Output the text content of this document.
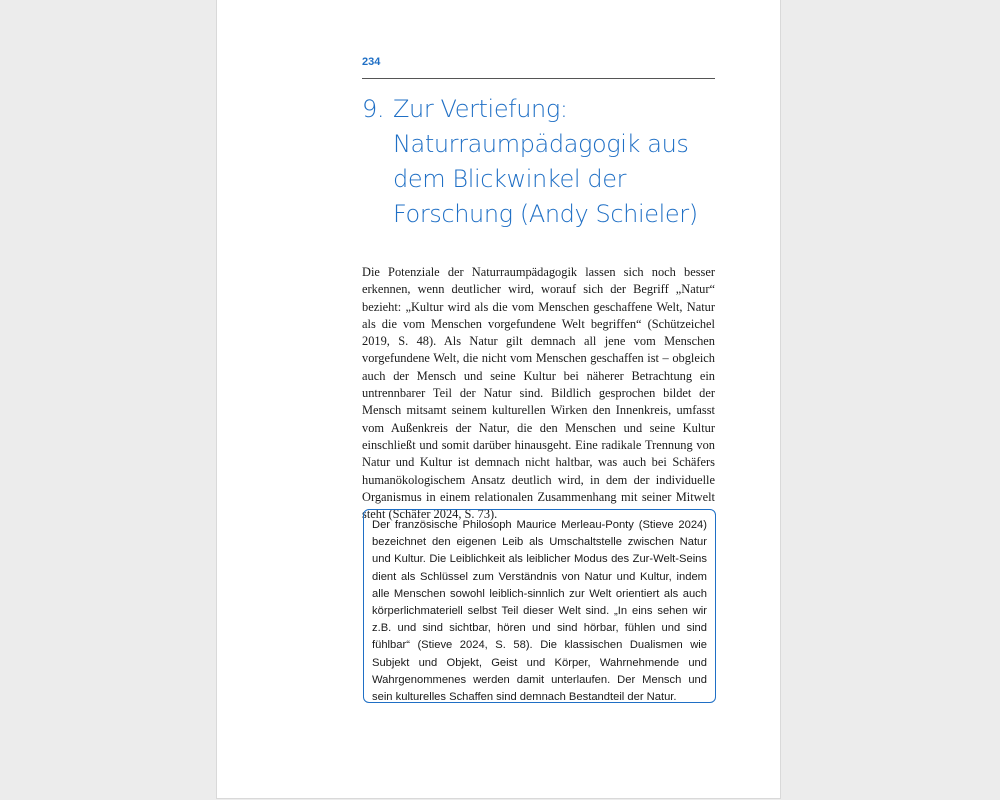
234

9. Zur Vertiefung: Naturraumpädagogik aus dem Blickwinkel der Forschung (Andy Schieler)

Die Potenziale der Naturraumpädagogik lassen sich noch besser erkennen, wenn deutlicher wird, worauf sich der Begriff „Natur“ bezieht: „Kultur wird als die vom Menschen geschaffene Welt, Natur als die vom Menschen vorgefundene Welt begriffen“ (Schützeichel 2019, S. 48). Als Natur gilt demnach all jene vom Menschen vorgefundene Welt, die nicht vom Menschen geschaffen ist – obgleich auch der Mensch und seine Kultur bei näherer Betrachtung ein untrennbarer Teil der Natur sind. Bildlich gesprochen bildet der Mensch mitsamt seinem kulturellen Wirken den Innenkreis, umfasst vom Außenkreis der Natur, die den Menschen und seine Kultur einschließt und somit darüber hinausgeht. Eine radikale Trennung von Natur und Kultur ist demnach nicht haltbar, was auch bei Schäfers humanökologischem Ansatz deutlich wird, in dem der individuelle Organismus in einem relationalen Zusammenhang mit seiner Mitwelt steht (Schäfer 2024, S. 73).

Der französische Philosoph Maurice Merleau-Ponty (Stieve 2024) bezeichnet den eigenen Leib als Umschaltstelle zwischen Natur und Kultur. Die Leiblichkeit als leiblicher Modus des Zur-Welt-Seins dient als Schlüssel zum Verständnis von Natur und Kultur, indem alle Menschen sowohl leiblich-sinnlich zur Welt orientiert als auch körperlichmateriell selbst Teil dieser Welt sind. „In eins sehen wir z.B. und sind sichtbar, hören und sind hörbar, fühlen und sind fühlbar“ (Stieve 2024, S. 58). Die klassischen Dualismen wie Subjekt und Objekt, Geist und Körper, Wahrnehmende und Wahrgenommenes werden damit unterlaufen. Der Mensch und sein kulturelles Schaffen sind demnach Bestandteil der Natur.
